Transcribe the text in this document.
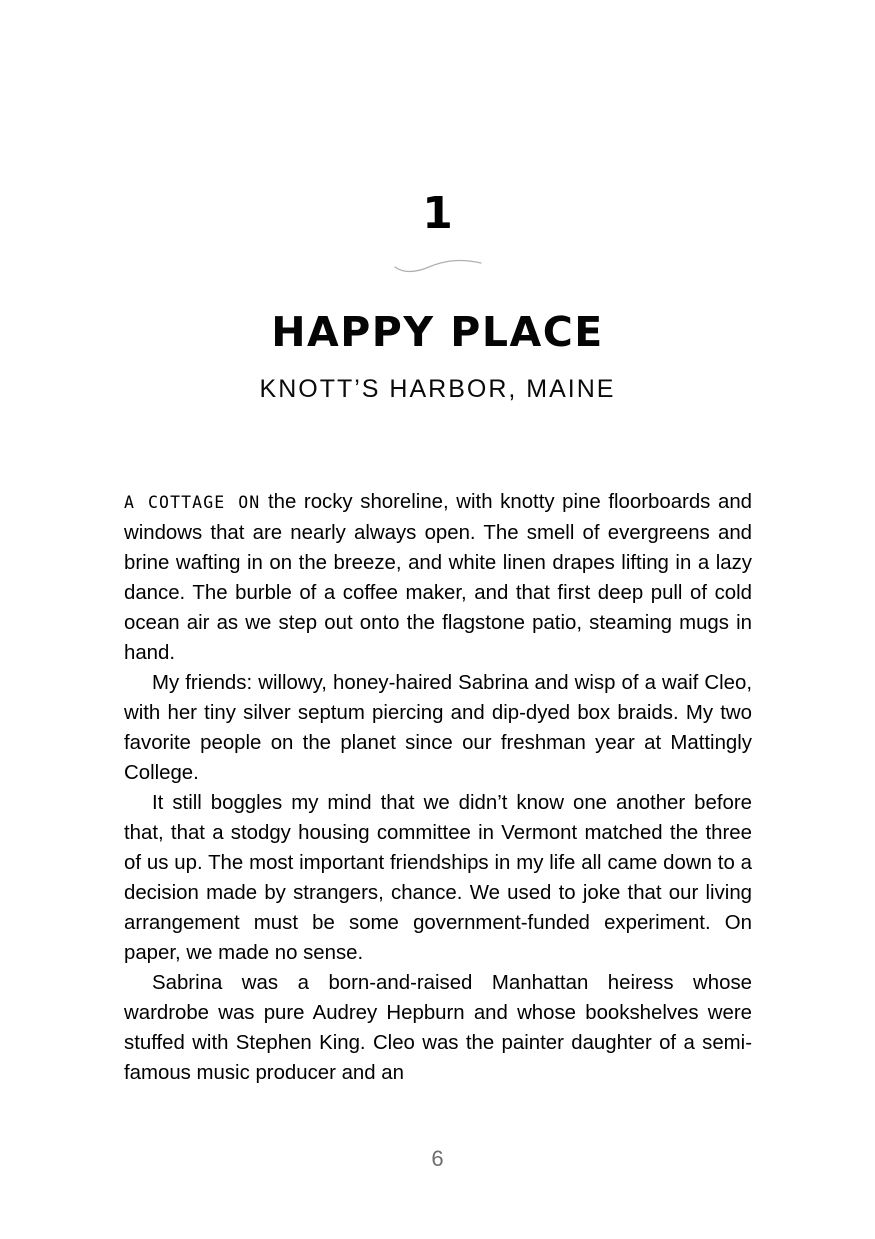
1
HAPPY PLACE
KNOTT’S HARBOR, MAINE

A COTTAGE ON the rocky shoreline, with knotty pine floorboards and windows that are nearly always open. The smell of evergreens and brine wafting in on the breeze, and white linen drapes lifting in a lazy dance. The burble of a coffee maker, and that first deep pull of cold ocean air as we step out onto the flagstone patio, steaming mugs in hand.

My friends: willowy, honey-haired Sabrina and wisp of a waif Cleo, with her tiny silver septum piercing and dip-dyed box braids. My two favorite people on the planet since our freshman year at Mattingly College.

It still boggles my mind that we didn’t know one another before that, that a stodgy housing committee in Vermont matched the three of us up. The most important friendships in my life all came down to a decision made by strangers, chance. We used to joke that our living arrangement must be some government-funded experiment. On paper, we made no sense.

Sabrina was a born-and-raised Manhattan heiress whose wardrobe was pure Audrey Hepburn and whose bookshelves were stuffed with Stephen King. Cleo was the painter daughter of a semi-famous music producer and an

6
